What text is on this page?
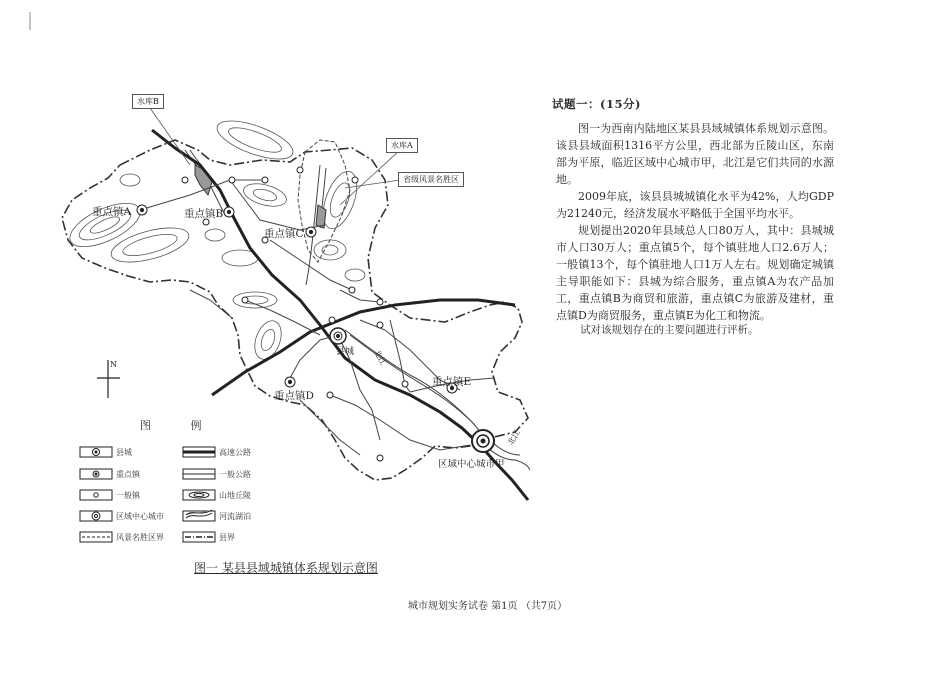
水库B
水库A
省级风景名胜区
重点镇A	重点镇B
重点镇C
重点镇D
重点镇E
县城
区域中心城市甲
北江
北江
N
图 例
县城	高速公路
重点镇	一般公路
一般镇	山地丘陵
区域中心城市	河流湖泊
风景名胜区界	县界
图一 某县县域城镇体系规划示意图
试题一：(15分)

图一为西南内陆地区某县县域城镇体系规划示意图。该县县域面积1316平方公里，西北部为丘陵山区，东南部为平原，临近区域中心城市甲，北江是它们共同的水源地。

2009年底，该县县城城镇化水平为42%，人均GDP为21240元，经济发展水平略低于全国平均水平。

规划提出2020年县域总人口80万人，其中：县城城市人口30万人；重点镇5个，每个镇驻地人口2.6万人；一般镇13个，每个镇驻地人口1万人左右。规划确定城镇主导职能如下：县城为综合服务，重点镇A为农产品加工，重点镇B为商贸和旅游，重点镇C为旅游及建材，重点镇D为商贸服务，重点镇E为化工和物流。

试对该规划存在的主要问题进行评析。
城市规划实务试卷 第1页 （共7页）
